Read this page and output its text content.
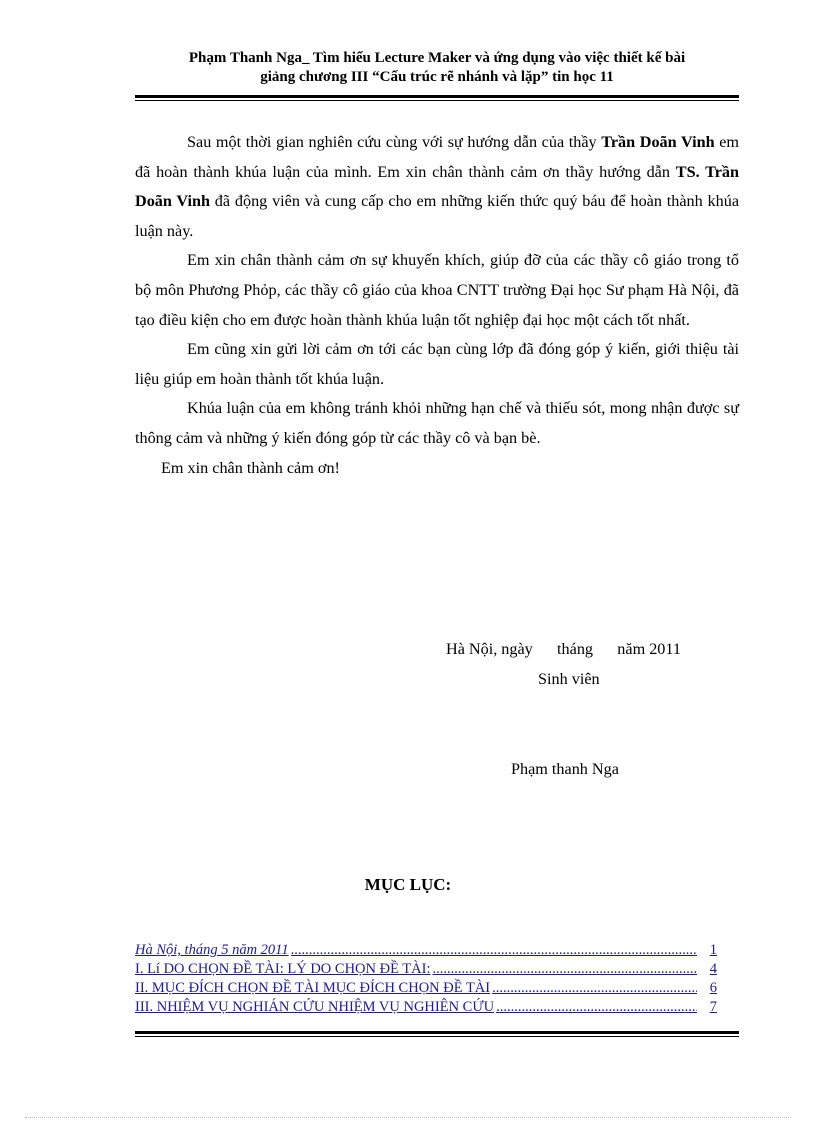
Phạm Thanh Nga_ Tìm hiểu Lecture Maker và ứng dụng vào việc thiết kế bài
giảng chương III “Cấu trúc rẽ nhánh và lặp” tin học 11

Sau một thời gian nghiên cứu cùng với sự hướng dẫn của thầy Trần Doãn Vinh em đã hoàn thành khúa luận của mình. Em xin chân thành cảm ơn thầy hướng dẫn TS. Trần Doãn Vinh đã động viên và cung cấp cho em những kiến thức quý báu để hoàn thành khúa luận này.

Em xin chân thành cảm ơn sự khuyến khích, giúp đỡ của các thầy cô giáo trong tổ bộ môn Phương Phỏp, các thầy cô giáo của khoa CNTT trường Đại học Sư phạm Hà Nội, đã tạo điều kiện cho em được hoàn thành khúa luận tốt nghiệp đại học một cách tốt nhất.

Em cũng xin gửi lời cảm ơn tới các bạn cùng lớp đã đóng góp ý kiến, giới thiệu tài liệu giúp em hoàn thành tốt khúa luận.

Khúa luận của em không tránh khỏi những hạn chế và thiếu sót, mong nhận được sự thông cảm và những ý kiến đóng góp từ các thầy cô và bạn bè.

Em xin chân thành cảm ơn!

Hà Nội, ngày      tháng      năm 2011
Sinh viên
Phạm thanh Nga
MỤC LỤC:
Hà Nội, tháng 5 năm 2011 .....	1
I. Lí DO CHỌN ĐỀ TÀI: LÝ DO CHỌN ĐỀ TÀI: .....	4
II. MỤC ĐÍCH CHỌN ĐỀ TÀI MỤC ĐÍCH CHỌN ĐỀ TÀI .....	6
III. NHIỆM VỤ NGHIÁN CỨU NHIỆM VỤ NGHIÊN CỨU .....	7
